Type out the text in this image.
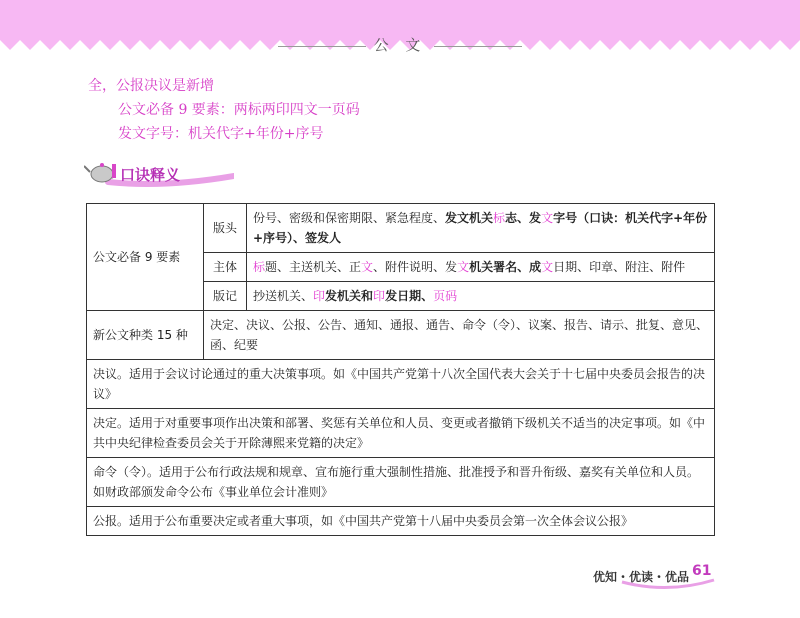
公 文
全，公报决议是新增
公文必备 9 要素：两标两印四文一页码
发文字号：机关代字+年份+序号
口诀释义
公文必备 9 要素	版头	份号、密级和保密期限、紧急程度、发文机关标志、发文字号（口诀：机关代字+年份+序号）、签发人
	主体	标题、主送机关、正文、附件说明、发文机关署名、成文日期、印章、附注、附件
	版记	抄送机关、印发机关和印发日期、页码
新公文种类 15 种	决定、决议、公报、公告、通知、通报、通告、命令（令）、议案、报告、请示、批复、意见、函、纪要	
决议。适用于会议讨论通过的重大决策事项。如《中国共产党第十八次全国代表大会关于十七届中央委员会报告的决议》		
决定。适用于对重要事项作出决策和部署、奖惩有关单位和人员、变更或者撤销下级机关不适当的决定事项。如《中共中央纪律检查委员会关于开除薄熙来党籍的决定》		
命令（令）。适用于公布行政法规和规章、宣布施行重大强制性措施、批准授予和晋升衔级、嘉奖有关单位和人员。如财政部颁发命令公布《事业单位会计准则》		
公报。适用于公布重要决定或者重大事项，如《中国共产党第十八届中央委员会第一次全体会议公报》		
优知・优读・优品 61
